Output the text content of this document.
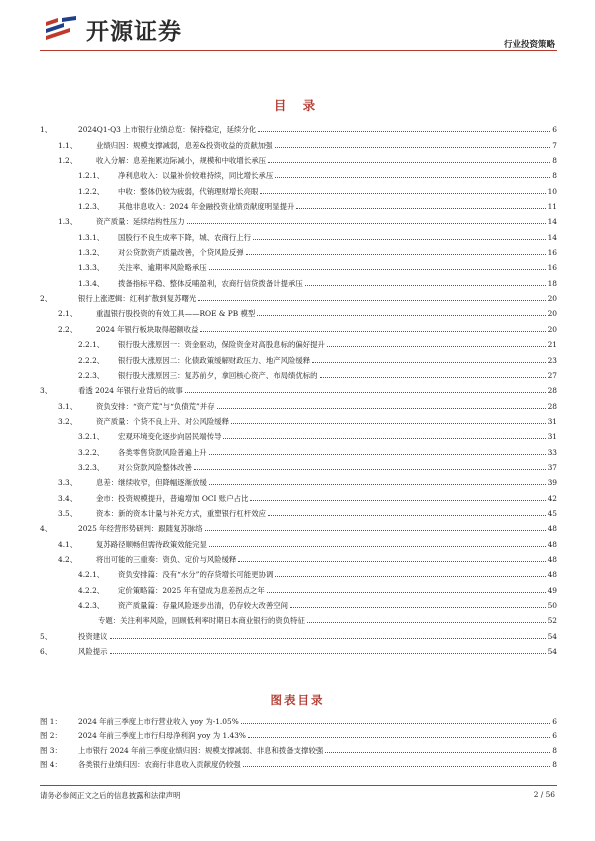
开源证券
行业投资策略
目 录
1、	2024Q1-Q3 上市银行业绩总览：保持稳定，延续分化	6
1.1、	业绩归因：规模支撑减弱，息差&投资收益的贡献加强	7
1.2、	收入分解：息差拖累边际减小，规模和中收增长承压	8
1.2.1、	净利息收入：以量补价较难持续，同比增长承压	8
1.2.2、	中收：整体仍较为疲弱，代销理财增长亮眼	10
1.2.3、	其他非息收入：2024 年金融投资业绩贡献度明显提升	11
1.3、	资产质量：延续结构性压力	14
1.3.1、	国股行不良生成率下降，城、农商行上行	14
1.3.2、	对公贷款资产质量改善，个贷风险反弹	16
1.3.3、	关注率、逾期率风险略承压	16
1.3.4、	拨备指标平稳、整体反哺盈利，农商行信贷拨备计提承压	18
2、	银行上涨逻辑：红利扩散到复苏曙光	20
2.1、	重温银行股投资的有效工具——ROE & PB 模型	20
2.2、	2024 年银行板块取得超额收益	20
2.2.1、	银行股大涨原因一：资金驱动，保险资金对高股息标的偏好提升	21
2.2.2、	银行股大涨原因二：化债政策缓解财政压力、地产风险缓释	23
2.2.3、	银行股大涨原因三：复苏前夕，拿回核心资产、布局绩优标的	27
3、	看透 2024 年银行业背后的故事	28
3.1、	资负安排：“资产荒”与“负债荒”并存	28
3.2、	资产质量：个贷不良上升、对公风险缓释	31
3.2.1、	宏观环境变化逐步向居民端传导	31
3.2.2、	各类零售贷款风险普遍上升	33
3.2.3、	对公贷款风险整体改善	37
3.3、	息差：继续收窄，但降幅逐渐放缓	39
3.4、	金市：投资规模提升，普遍增加 OCI 账户占比	42
3.5、	资本：新的资本计量与补充方式，重塑银行杠杆效应	45
4、	2025 年经营形势研判：跟随复苏脉络	48
4.1、	复苏路径顺畅但需待政策效能完显	48
4.2、	将出可能的三重奏：资负、定价与风险缓释	48
4.2.1、	资负安排篇：没有“水分”的存贷增长可能更协调	48
4.2.2、	定价策略篇：2025 年有望成为息差拐点之年	49
4.2.3、	资产质量篇：存量风险逐步出清，仍存较大改善空间	50
专题：关注利率风险，回顾低利率时期日本商业银行的资负特征	52
5、	投资建议	54
6、	风险提示	54
图表目录
图 1：	2024 年前三季度上市行营业收入 yoy 为-1.05%	6
图 2：	2024 年前三季度上市行归母净利润 yoy 为 1.43%	6
图 3：	上市银行 2024 年前三季度业绩归因：规模支撑减弱、非息和拨备支撑较强	8
图 4：	各类银行业绩归因：农商行非息收入贡献度仍较强	8
请务必参阅正文之后的信息披露和法律声明	2 / 56
